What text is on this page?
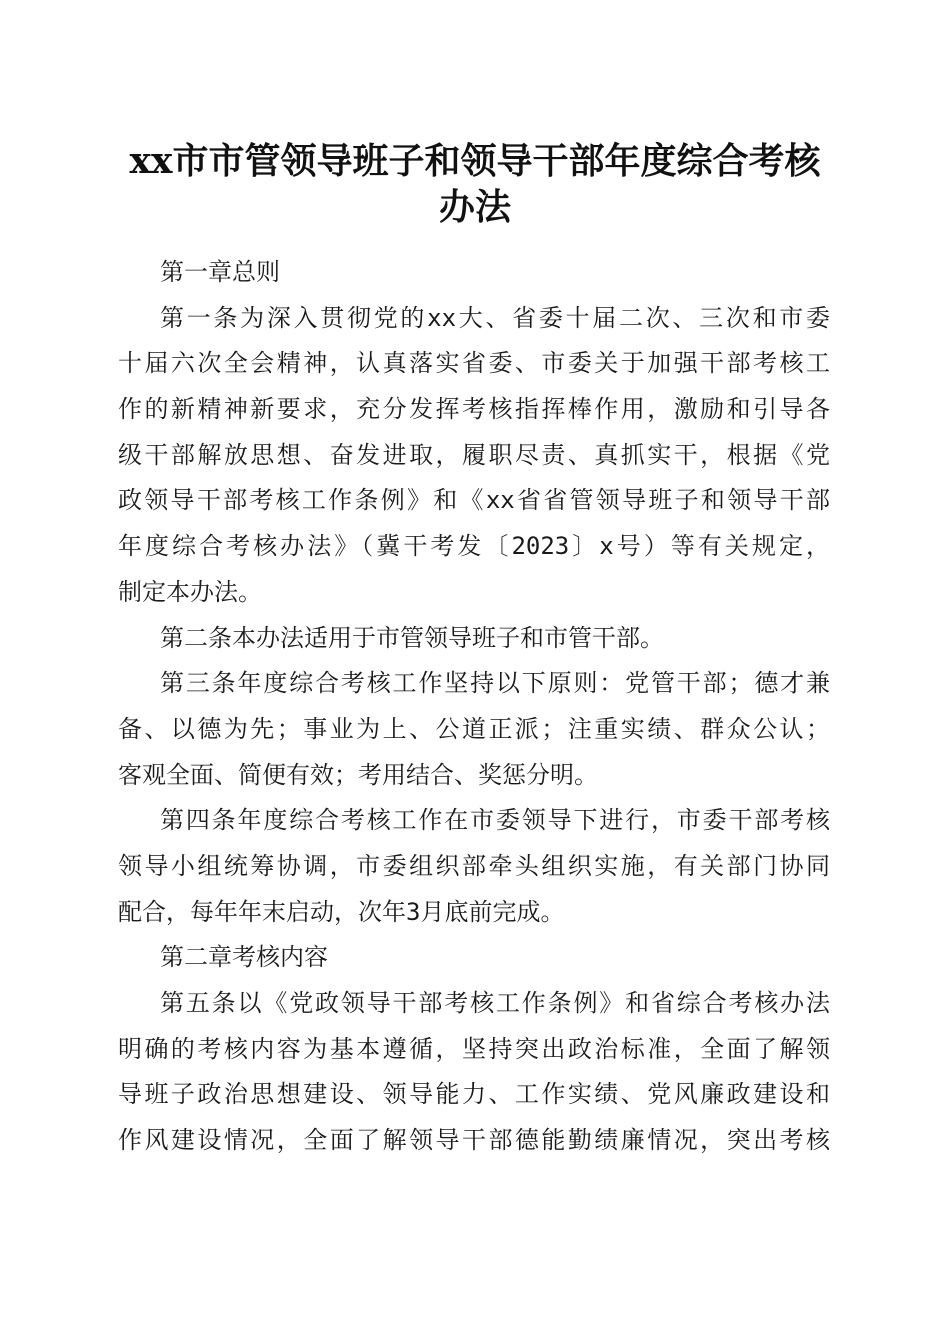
xx市市管领导班子和领导干部年度综合考核
办法
第一章总则
第一条为深入贯彻党的xx大、省委十届二次、三次和市委
十届六次全会精神，认真落实省委、市委关于加强干部考核工
作的新精神新要求，充分发挥考核指挥棒作用，激励和引导各
级干部解放思想、奋发进取，履职尽责、真抓实干，根据《党
政领导干部考核工作条例》和《xx省省管领导班子和领导干部
年度综合考核办法》（冀干考发〔2023〕x号）等有关规定，
制定本办法。
第二条本办法适用于市管领导班子和市管干部。
第三条年度综合考核工作坚持以下原则：党管干部；德才兼
备、以德为先；事业为上、公道正派；注重实绩、群众公认；
客观全面、简便有效；考用结合、奖惩分明。
第四条年度综合考核工作在市委领导下进行，市委干部考核
领导小组统筹协调，市委组织部牵头组织实施，有关部门协同
配合，每年年末启动，次年3月底前完成。
第二章考核内容
第五条以《党政领导干部考核工作条例》和省综合考核办法
明确的考核内容为基本遵循，坚持突出政治标准，全面了解领
导班子政治思想建设、领导能力、工作实绩、党风廉政建设和
作风建设情况，全面了解领导干部德能勤绩廉情况，突出考核
